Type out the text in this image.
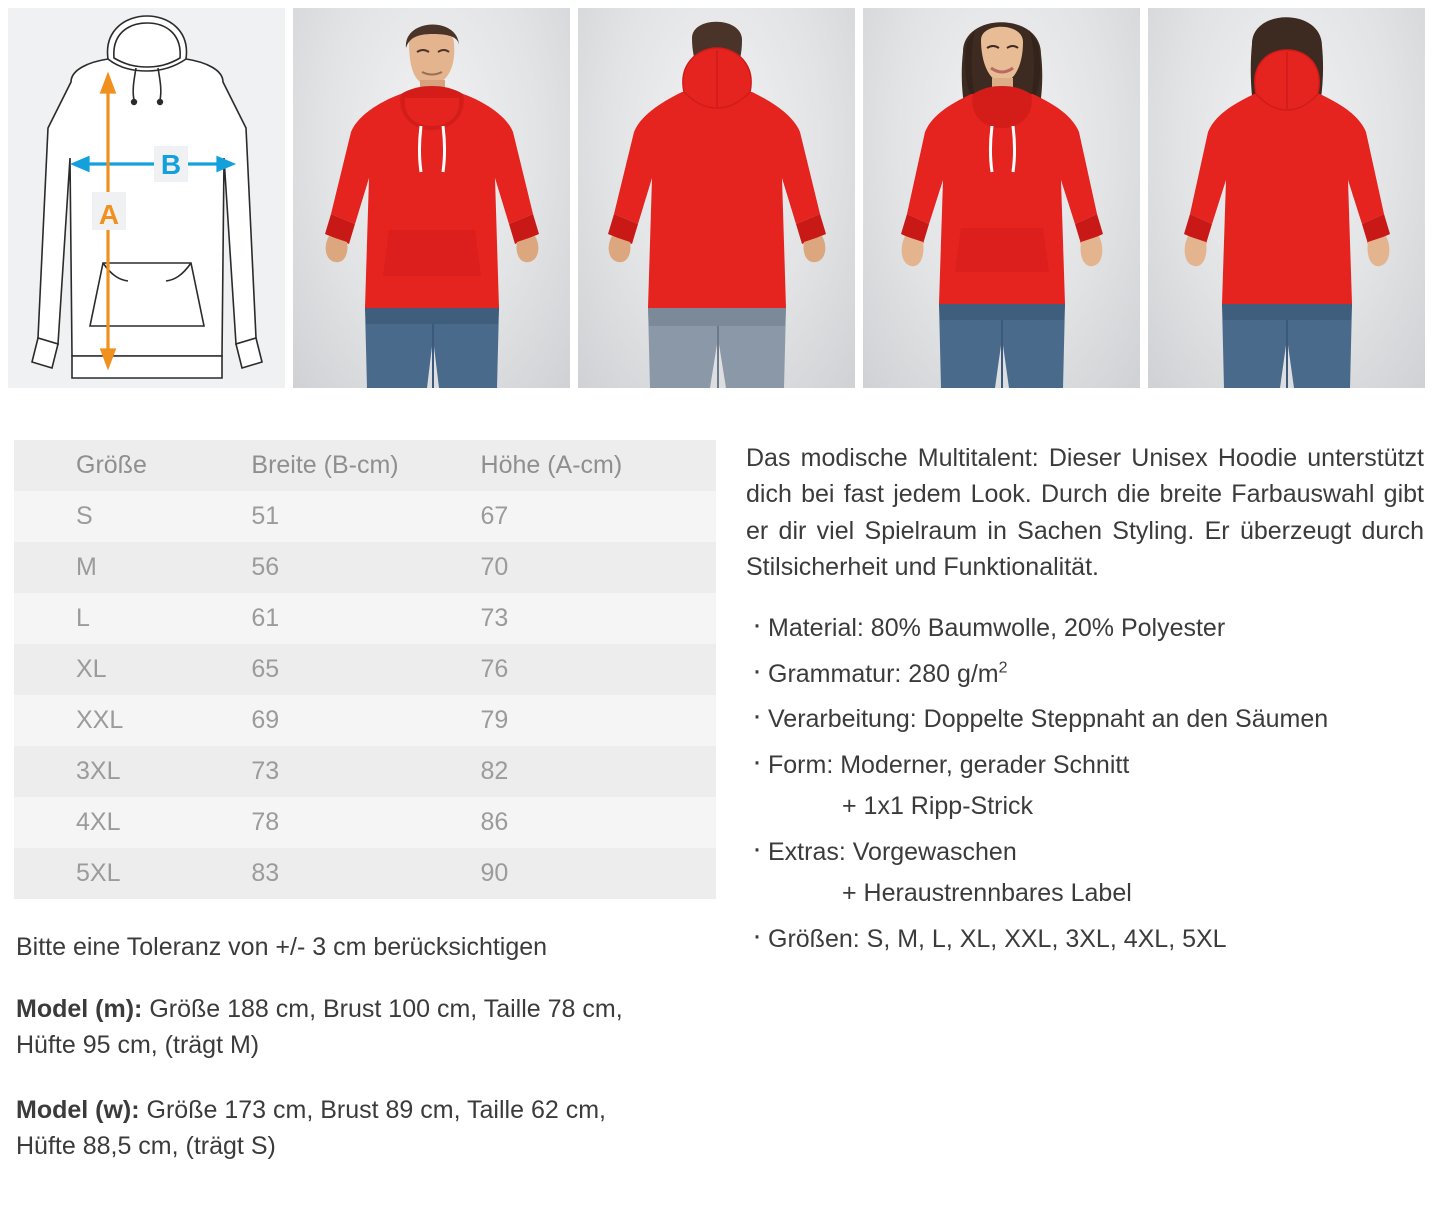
B
A
Größe	Breite (B-cm)	Höhe (A-cm)
S	51	67
M	56	70
L	61	73
XL	65	76
XXL	69	79
3XL	73	82
4XL	78	86
5XL	83	90
Bitte eine Toleranz von +/- 3 cm berücksichtigen
Model (m): Größe 188 cm, Brust 100 cm, Taille 78 cm,
Hüfte 95 cm, (trägt M)
Model (w): Größe 173 cm, Brust 89 cm, Taille 62 cm,
Hüfte 88,5 cm, (trägt S)

Das modische Multitalent: Dieser Unisex Hoodie unterstützt dich bei fast jedem Look. Durch die breite Farbauswahl gibt er dir viel Spielraum in Sachen Styling. Er überzeugt durch Stilsicherheit und Funktionalität.

· Material: 80% Baumwolle, 20% Polyester
· Grammatur: 280 $g/m^2$
· Verarbeitung: Doppelte Steppnaht an den Säumen
· Form: Moderner, gerader Schnitt
+ 1x1 Ripp-Strick
· Extras: Vorgewaschen
+ Heraustrennbares Label
· Größen: S, M, L, XL, XXL, 3XL, 4XL, 5XL
